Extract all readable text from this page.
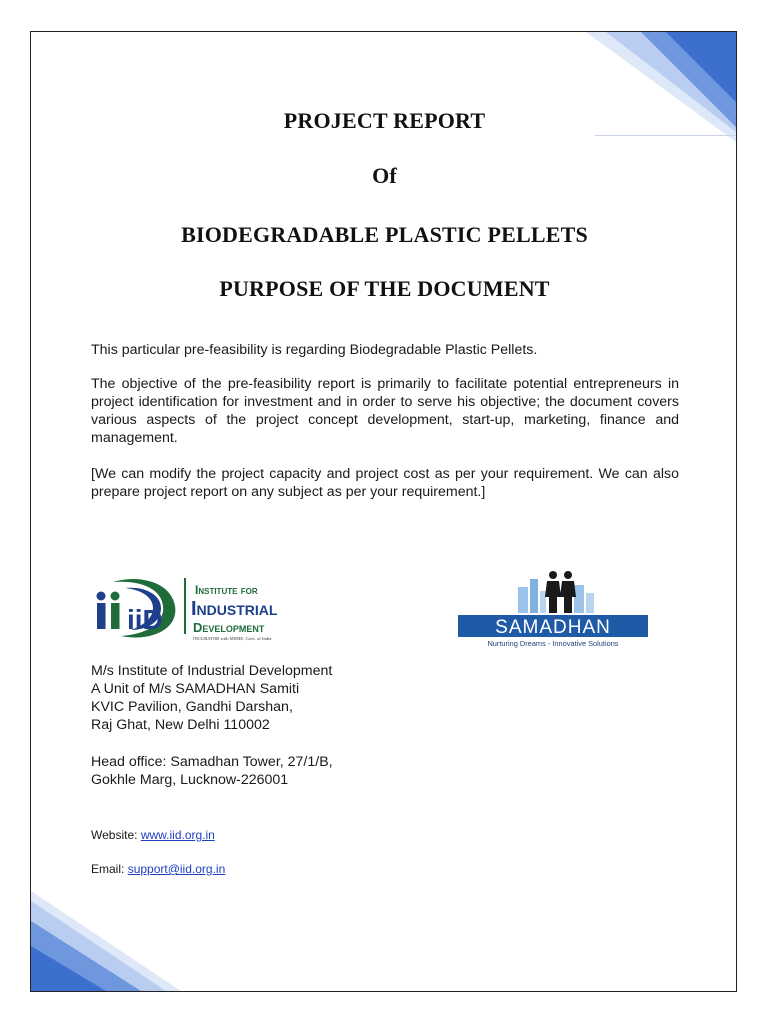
PROJECT REPORT
Of
BIODEGRADABLE PLASTIC PELLETS
PURPOSE OF THE DOCUMENT
This particular pre-feasibility is regarding Biodegradable Plastic Pellets.
The objective of the pre-feasibility report is primarily to facilitate potential entrepreneurs in project identification for investment and in order to serve his objective; the document covers various aspects of the project concept development, start-up, marketing, finance and management.
[We can modify the project capacity and project cost as per your requirement. We can also prepare project report on any subject as per your requirement.]
iiD
Institute for
Industrial
Development
INCUBATOR with MSME, Govt. of India
SAMADHAN
Nurturing Dreams - Innovative Solutions
M/s Institute of Industrial Development
A Unit of M/s SAMADHAN Samiti
KVIC Pavilion, Gandhi Darshan,
Raj Ghat, New Delhi 110002
Head office: Samadhan Tower, 27/1/B,
Gokhle Marg, Lucknow-226001
Website: www.iid.org.in
Email: support@iid.org.in
